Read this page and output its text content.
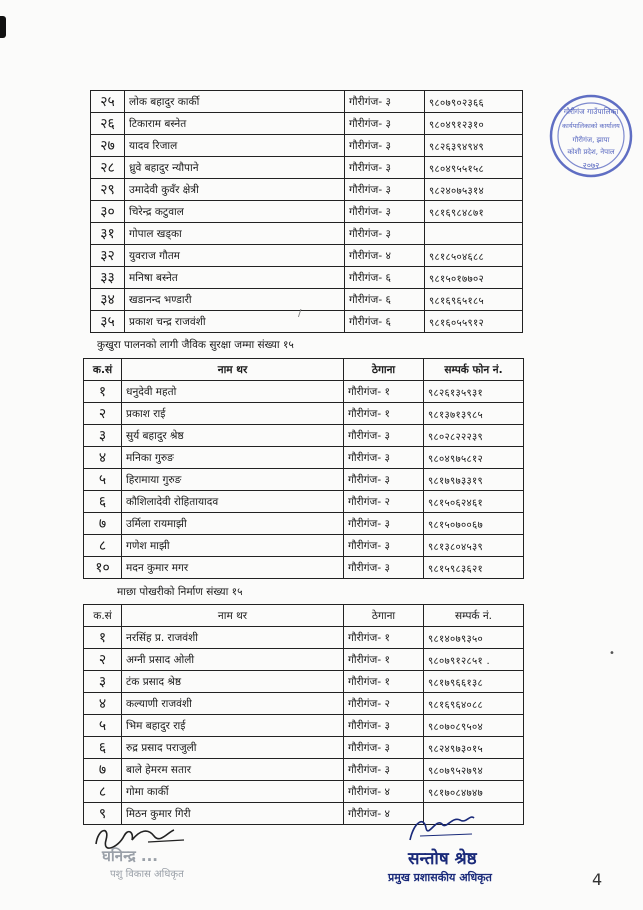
२५	लोक बहादुर कार्की	गौरीगंज- ३	९८०७९०२३६६
२६	टिकाराम बस्नेत	गौरीगंज- ३	९८०४९१२३१०
२७	यादव रिजाल	गौरीगंज- ३	९८२६३९४९४९
२८	ध्रुवे बहादुर न्यौपाने	गौरीगंज- ३	९८०४९५५१५८
२९	उमादेवी कुवँर क्षेत्री	गौरीगंज- ३	९८२४०७५३१४
३०	चिरेन्द्र कटुवाल	गौरीगंज- ३	९८१६९८४८७१
३१	गोपाल खड्का	गौरीगंज- ३	
३२	युवराज गौतम	गौरीगंज- ४	९८१८५०४६८८
३३	मनिषा बस्नेत	गौरीगंज- ६	९८१५०१७७०२
३४	खडानन्द भण्डारी	गौरीगंज- ६	९८१६९६५१८५
३५	प्रकाश चन्द्र राजवंशी	गौरीगंज- ६	९८१६०५५९१२
/
कुखुरा पालनको लागी जैविक सुरक्षा जम्मा संख्या १५
क.सं	नाम थर	ठेगाना	सम्पर्क फोन नं.
१	धनुदेवी महतो	गौरीगंज- १	९८२६१३५९३१
२	प्रकाश राई	गौरीगंज- १	९८१३७१३९८५
३	सुर्य बहादुर श्रेष्ठ	गौरीगंज- ३	९८०२८२२२३९
४	मनिका गुरुङ	गौरीगंज- ३	९८०४९७५८१२
५	हिरामाया गुरुङ	गौरीगंज- ३	९८१७९७३३१९
६	कौशिलादेवी रोहितायादव	गौरीगंज- २	९८१५०६२४६१
७	उर्मिला रायमाझी	गौरीगंज- ३	९८१५०७००६७
८	गणेश माझी	गौरीगंज- ३	९८१३८०४५३९
१०	मदन कुमार मगर	गौरीगंज- ३	९८१५९८३६२१
माछा पोखरीको निर्माण संख्या १५
क.सं	नाम थर	ठेगाना	सम्पर्क नं.
१	नरसिंह प्र. राजवंशी	गौरीगंज- १	९८१४०७९३५०
२	अग्नी प्रसाद ओली	गौरीगंज- १	९८०७९१२८५१ .
३	टंक प्रसाद श्रेष्ठ	गौरीगंज- १	९८१७९६६१३८
४	कल्याणी राजवंशी	गौरीगंज- २	९८१६९६४०८८
५	भिम बहादुर राई	गौरीगंज- ३	९८०७०८९५०४
६	रुद्र प्रसाद पराजुली	गौरीगंज- ३	९८२४९७३०१५
७	बाले हेमरम सतार	गौरीगंज- ३	९८०७९५२७९४
८	गोमा कार्की	गौरीगंज- ४	९८१७०८४७४७
९	मिठन कुमार गिरी	गौरीगंज- ४	
•
गौरीगंज गाउँपालिका
कार्यपालिकाको कार्यालय
गौरीगंज, झापा
कोशी प्रदेश, नेपाल
२०७२
घनिन्द्र ...
पशु विकास अधिकृत
सन्तोष श्रेष्ठ
प्रमुख प्रशासकीय अधिकृत	4
